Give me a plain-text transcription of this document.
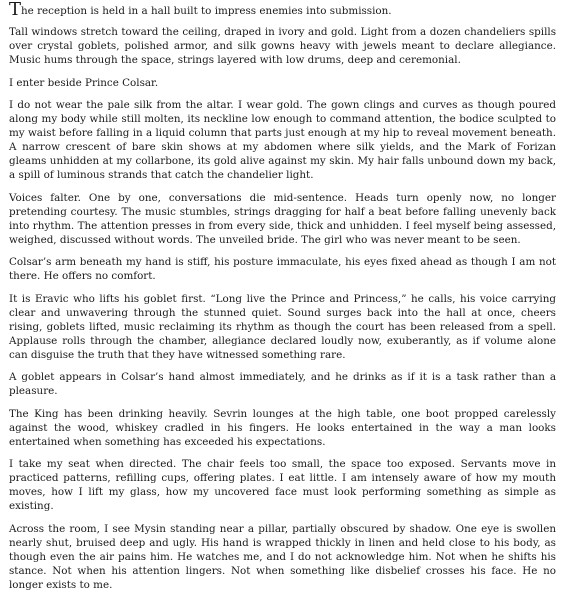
The reception is held in a hall built to impress enemies into submission.

Tall windows stretch toward the ceiling, draped in ivory and gold. Light from a dozen chandeliers spills over crystal goblets, polished armor, and silk gowns heavy with jewels meant to declare allegiance. Music hums through the space, strings layered with low drums, deep and ceremonial.

I enter beside Prince Colsar.

I do not wear the pale silk from the altar. I wear gold. The gown clings and curves as though poured along my body while still molten, its neckline low enough to command attention, the bodice sculpted to my waist before falling in a liquid column that parts just enough at my hip to reveal movement beneath. A narrow crescent of bare skin shows at my abdomen where silk yields, and the Mark of Forizan gleams unhidden at my collarbone, its gold alive against my skin. My hair falls unbound down my back, a spill of luminous strands that catch the chandelier light.

Voices falter. One by one, conversations die mid-sentence. Heads turn openly now, no longer pretending courtesy. The music stumbles, strings dragging for half a beat before falling unevenly back into rhythm. The attention presses in from every side, thick and unhidden. I feel myself being assessed, weighed, discussed without words. The unveiled bride. The girl who was never meant to be seen.

Colsar’s arm beneath my hand is stiff, his posture immaculate, his eyes fixed ahead as though I am not there. He offers no comfort.

It is Eravic who lifts his goblet first. “Long live the Prince and Princess,” he calls, his voice carrying clear and unwavering through the stunned quiet. Sound surges back into the hall at once, cheers rising, goblets lifted, music reclaiming its rhythm as though the court has been released from a spell. Applause rolls through the chamber, allegiance declared loudly now, exuberantly, as if volume alone can disguise the truth that they have witnessed something rare.

A goblet appears in Colsar’s hand almost immediately, and he drinks as if it is a task rather than a pleasure.

The King has been drinking heavily. Sevrin lounges at the high table, one boot propped carelessly against the wood, whiskey cradled in his fingers. He looks entertained in the way a man looks entertained when something has exceeded his expectations.

I take my seat when directed. The chair feels too small, the space too exposed. Servants move in practiced patterns, refilling cups, offering plates. I eat little. I am intensely aware of how my mouth moves, how I lift my glass, how my uncovered face must look performing something as simple as existing.

Across the room, I see Mysin standing near a pillar, partially obscured by shadow. One eye is swollen nearly shut, bruised deep and ugly. His hand is wrapped thickly in linen and held close to his body, as though even the air pains him. He watches me, and I do not acknowledge him. Not when he shifts his stance. Not when his attention lingers. Not when something like disbelief crosses his face. He no longer exists to me.
